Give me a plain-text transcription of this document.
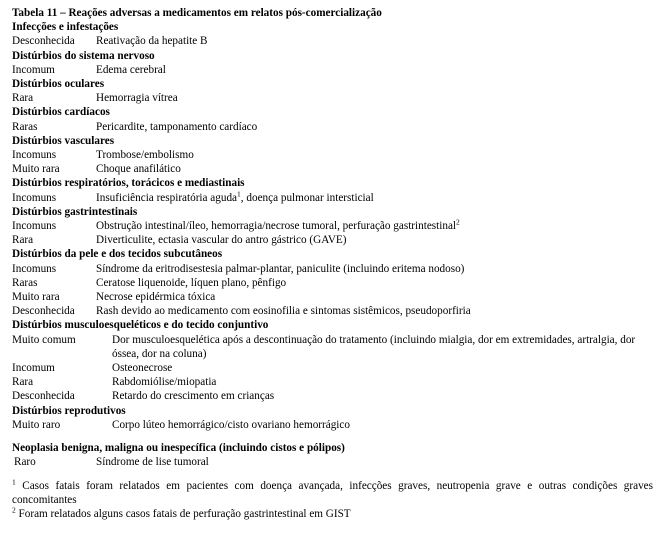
Tabela 11 – Reações adversas a medicamentos em relatos pós-comercialização
Infecções e infestações
Desconhecida	Reativação da hepatite B
Distúrbios do sistema nervoso
Incomum	Edema cerebral
Distúrbios oculares
Rara	Hemorragia vítrea
Distúrbios cardíacos
Raras	Pericardite, tamponamento cardíaco
Distúrbios vasculares
Incomuns	Trombose/embolismo
Muito rara	Choque anafilático
Distúrbios respiratórios, torácicos e mediastinais
Incomuns	Insuficiência respiratória aguda$^1$, doença pulmonar intersticial
Distúrbios gastrintestinais
Incomuns	Obstrução intestinal/íleo, hemorragia/necrose tumoral, perfuração gastrintestinal$^2$
Rara	Diverticulite, ectasia vascular do antro gástrico (GAVE)
Distúrbios da pele e dos tecidos subcutâneos
Incomuns	Síndrome da eritrodisestesia palmar-plantar, paniculite (incluindo eritema nodoso)
Raras	Ceratose liquenoide, líquen plano, pênfigo
Muito rara	Necrose epidérmica tóxica
Desconhecida	Rash devido ao medicamento com eosinofilia e sintomas sistêmicos, pseudoporfiria
Distúrbios musculoesqueléticos e do tecido conjuntivo
Muito comum	Dor musculoesquelética após a descontinuação do tratamento (incluindo mialgia, dor em extremidades, artralgia, dor óssea, dor na coluna)
Incomum	Osteonecrose
Rara	Rabdomiólise/miopatia
Desconhecida	Retardo do crescimento em crianças
Distúrbios reprodutivos
Muito raro	Corpo lúteo hemorrágico/cisto ovariano hemorrágico
Neoplasia benigna, maligna ou inespecífica (incluindo cistos e pólipos)
Raro	Síndrome de lise tumoral
$^1$ Casos fatais foram relatados em pacientes com doença avançada, infecções graves, neutropenia grave e outras condições graves concomitantes
$^2$ Foram relatados alguns casos fatais de perfuração gastrintestinal em GIST
